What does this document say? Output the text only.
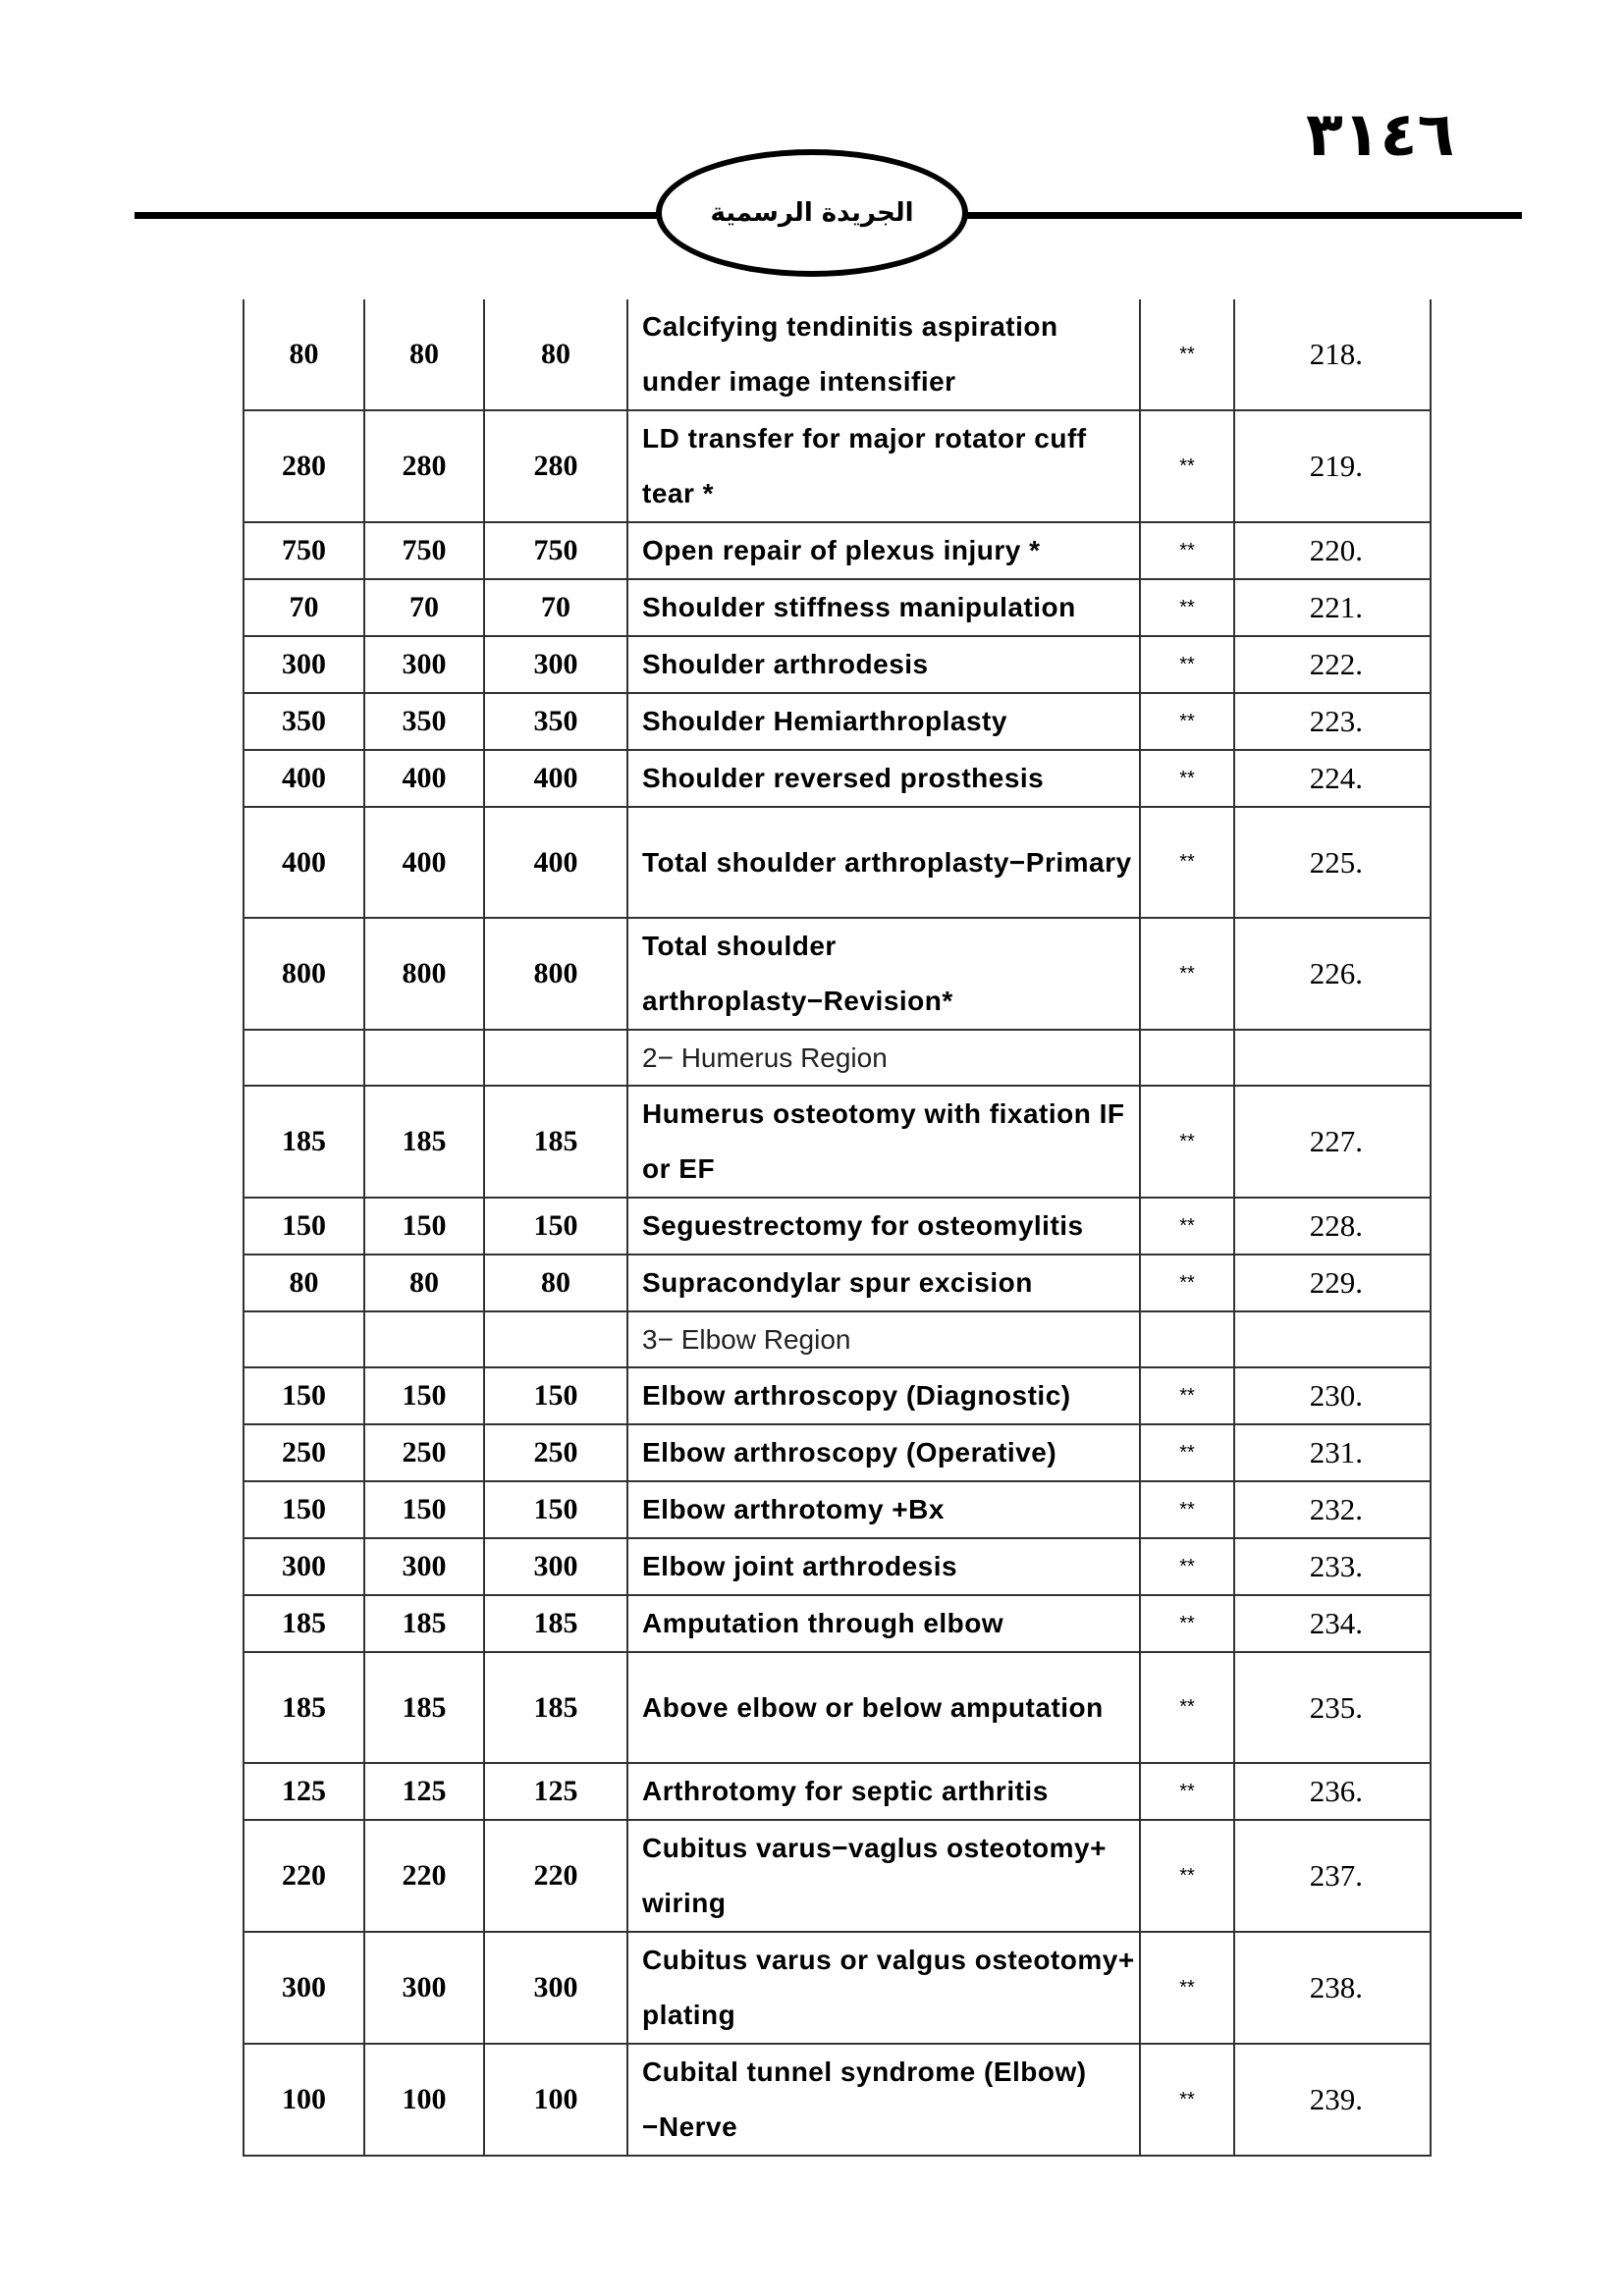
٣١٤٦
الجريدة الرسمية
80	80	80	Calcifying tendinitis aspiration under image intensifier	**	218.
280	280	280	LD transfer for major rotator cuff tear *	**	219.
750	750	750	Open repair of plexus injury *	**	220.
70	70	70	Shoulder stiffness manipulation	**	221.
300	300	300	Shoulder arthrodesis	**	222.
350	350	350	Shoulder Hemiarthroplasty	**	223.
400	400	400	Shoulder reversed prosthesis	**	224.
400	400	400	Total shoulder arthroplasty−Primary	**	225.
800	800	800	Total shoulder arthroplasty−Revision*	**	226.
			2− Humerus Region		
185	185	185	Humerus osteotomy with fixation IF or EF	**	227.
150	150	150	Seguestrectomy for osteomylitis	**	228.
80	80	80	Supracondylar spur excision	**	229.
			3− Elbow Region		
150	150	150	Elbow arthroscopy (Diagnostic)	**	230.
250	250	250	Elbow arthroscopy (Operative)	**	231.
150	150	150	Elbow arthrotomy +Bx	**	232.
300	300	300	Elbow joint arthrodesis	**	233.
185	185	185	Amputation through elbow	**	234.
185	185	185	Above elbow or below amputation	**	235.
125	125	125	Arthrotomy for septic arthritis	**	236.
220	220	220	Cubitus varus−vaglus osteotomy+ wiring	**	237.
300	300	300	Cubitus varus or valgus osteotomy+ plating	**	238.
100	100	100	Cubital tunnel syndrome (Elbow)−Nerve	**	239.
